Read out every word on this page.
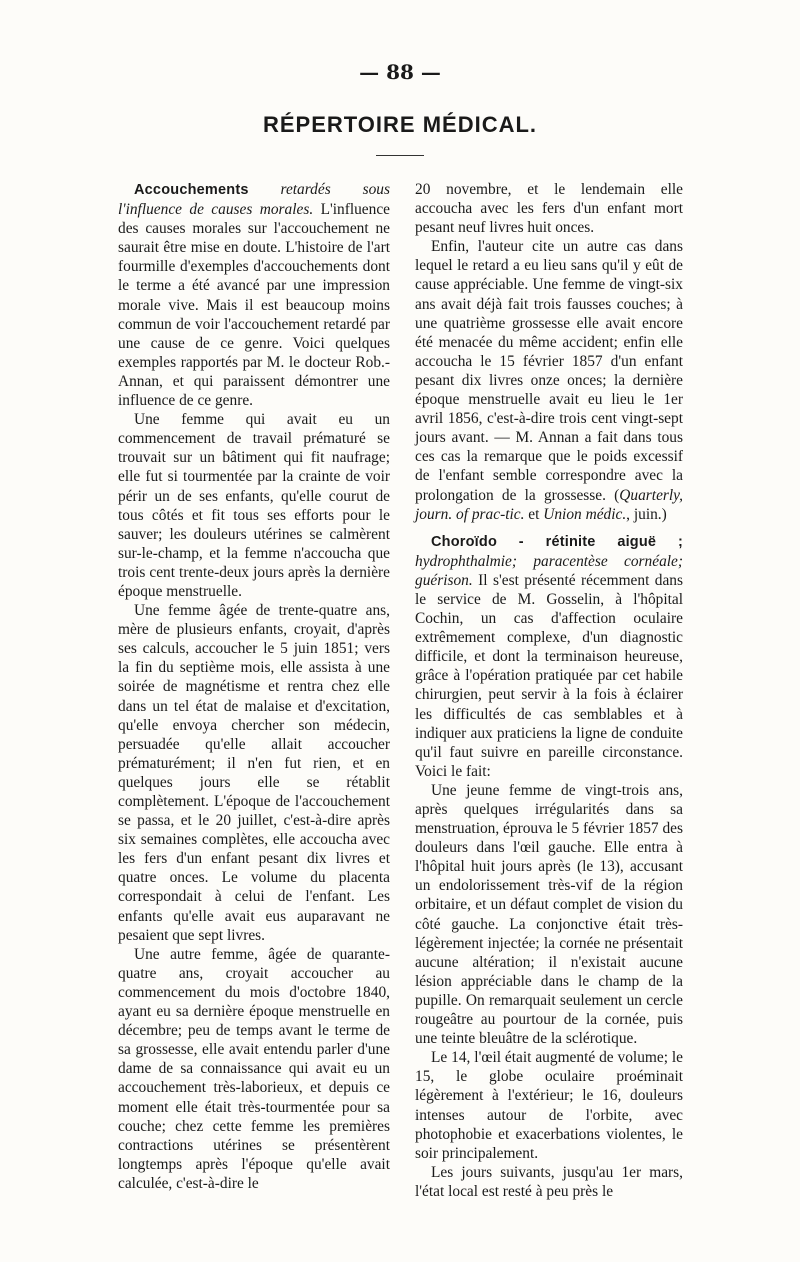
— 88 —
RÉPERTOIRE MÉDICAL.

Accouchements retardés sous l'influence de causes morales. L'influence des causes morales sur l'accouchement ne saurait être mise en doute. L'histoire de l'art fourmille d'exemples d'accouchements dont le terme a été avancé par une impression morale vive. Mais il est beaucoup moins commun de voir l'accouchement retardé par une cause de ce genre. Voici quelques exemples rapportés par M. le docteur Rob.-Annan, et qui paraissent démontrer une influence de ce genre.

Une femme qui avait eu un commencement de travail prématuré se trouvait sur un bâtiment qui fit naufrage; elle fut si tourmentée par la crainte de voir périr un de ses enfants, qu'elle courut de tous côtés et fit tous ses efforts pour le sauver; les douleurs utérines se calmèrent sur-le-champ, et la femme n'accoucha que trois cent trente-deux jours après la dernière époque menstruelle.

Une femme âgée de trente-quatre ans, mère de plusieurs enfants, croyait, d'après ses calculs, accoucher le 5 juin 1851; vers la fin du septième mois, elle assista à une soirée de magnétisme et rentra chez elle dans un tel état de malaise et d'excitation, qu'elle envoya chercher son médecin, persuadée qu'elle allait accoucher prématurément; il n'en fut rien, et en quelques jours elle se rétablit complètement. L'époque de l'accouchement se passa, et le 20 juillet, c'est-à-dire après six semaines complètes, elle accoucha avec les fers d'un enfant pesant dix livres et quatre onces. Le volume du placenta correspondait à celui de l'enfant. Les enfants qu'elle avait eus auparavant ne pesaient que sept livres.

Une autre femme, âgée de quarante-quatre ans, croyait accoucher au commencement du mois d'octobre 1840, ayant eu sa dernière époque menstruelle en décembre; peu de temps avant le terme de sa grossesse, elle avait entendu parler d'une dame de sa connaissance qui avait eu un accouchement très-laborieux, et depuis ce moment elle était très-tourmentée pour sa couche; chez cette femme les premières contractions utérines se présentèrent longtemps après l'époque qu'elle avait calculée, c'est-à-dire le

20 novembre, et le lendemain elle accoucha avec les fers d'un enfant mort pesant neuf livres huit onces.

Enfin, l'auteur cite un autre cas dans lequel le retard a eu lieu sans qu'il y eût de cause appréciable. Une femme de vingt-six ans avait déjà fait trois fausses couches; à une quatrième grossesse elle avait encore été menacée du même accident; enfin elle accoucha le 15 février 1857 d'un enfant pesant dix livres onze onces; la dernière époque menstruelle avait eu lieu le 1er avril 1856, c'est-à-dire trois cent vingt-sept jours avant. — M. Annan a fait dans tous ces cas la remarque que le poids excessif de l'enfant semble correspondre avec la prolongation de la grossesse. (Quarterly, journ. of prac-tic. et Union médic., juin.)

Choroïdo - rétinite aiguë ; hydrophthalmie; paracentèse cornéale; guérison. Il s'est présenté récemment dans le service de M. Gosselin, à l'hôpital Cochin, un cas d'affection oculaire extrêmement complexe, d'un diagnostic difficile, et dont la terminaison heureuse, grâce à l'opération pratiquée par cet habile chirurgien, peut servir à la fois à éclairer les difficultés de cas semblables et à indiquer aux praticiens la ligne de conduite qu'il faut suivre en pareille circonstance. Voici le fait:

Une jeune femme de vingt-trois ans, après quelques irrégularités dans sa menstruation, éprouva le 5 février 1857 des douleurs dans l'œil gauche. Elle entra à l'hôpital huit jours après (le 13), accusant un endolorissement très-vif de la région orbitaire, et un défaut complet de vision du côté gauche. La conjonctive était très-légèrement injectée; la cornée ne présentait aucune altération; il n'existait aucune lésion appréciable dans le champ de la pupille. On remarquait seulement un cercle rougeâtre au pourtour de la cornée, puis une teinte bleuâtre de la sclérotique.

Le 14, l'œil était augmenté de volume; le 15, le globe oculaire proéminait légèrement à l'extérieur; le 16, douleurs intenses autour de l'orbite, avec photophobie et exacerbations violentes, le soir principalement.

Les jours suivants, jusqu'au 1er mars, l'état local est resté à peu près le
